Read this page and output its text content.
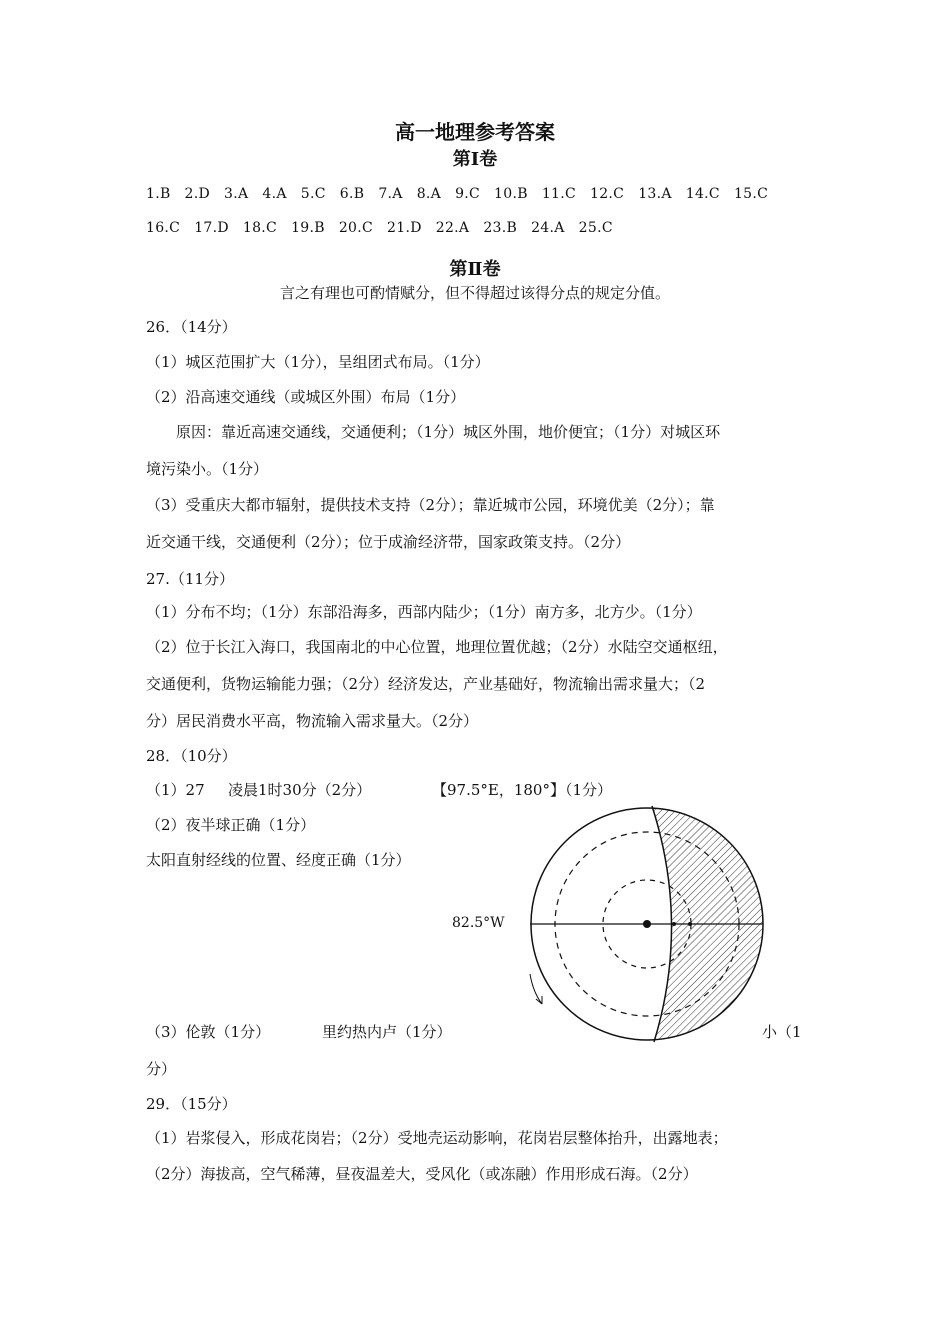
高一地理参考答案
第Ⅰ卷
1.B 2.D 3.A 4.A 5.C 6.B 7.A 8.A 9.C 10.B 11.C 12.C 13.A 14.C 15.C
16.C 17.D 18.C 19.B 20.C 21.D 22.A 23.B 24.A 25.C
第Ⅱ卷
言之有理也可酌情赋分，但不得超过该得分点的规定分值。
26．（14分）
（1）城区范围扩大（1分），呈组团式布局。（1分）
（2）沿高速交通线（或城区外围）布局（1分）
原因：靠近高速交通线，交通便利；（1分）城区外围，地价便宜；（1分）对城区环
境污染小。（1分）
（3）受重庆大都市辐射，提供技术支持（2分）；靠近城市公园，环境优美（2分）；靠
近交通干线，交通便利（2分）；位于成渝经济带，国家政策支持。（2分）
27.（11分）
（1）分布不均；（1分）东部沿海多，西部内陆少；（1分）南方多，北方少。（1分）
（2）位于长江入海口，我国南北的中心位置，地理位置优越；（2分）水陆空交通枢纽，
交通便利，货物运输能力强；（2分）经济发达，产业基础好，物流输出需求量大；（2
分）居民消费水平高，物流输入需求量大。（2分）
28．（10分）
（1）27 凌晨1时30分（2分）	【97.5°E，180°】（1分）
（2）夜半球正确（1分）
太阳直射经线的位置、经度正确（1分）
82.5°W
（3）伦敦（1分）	里约热内卢（1分）	小（1
分）
29．（15分）
（1）岩浆侵入，形成花岗岩；（2分）受地壳运动影响，花岗岩层整体抬升，出露地表；
（2分）海拔高，空气稀薄，昼夜温差大，受风化（或冻融）作用形成石海。（2分）
